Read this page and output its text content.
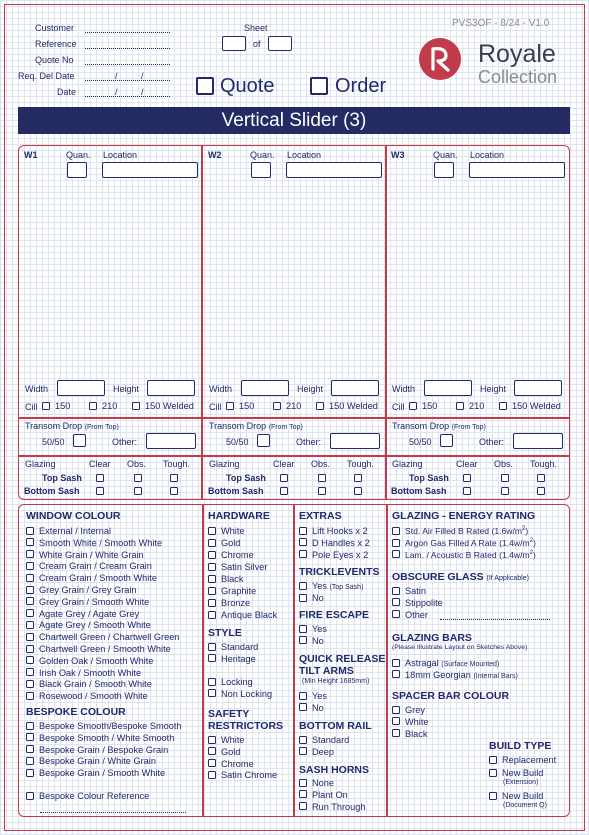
Customer
Reference
Quote No
Req. Del Date	/	/
Date	/	/
Sheet
of
Quote	Order
PVS3OF - 8/24 - V1.0
Royale
Collection
Vertical Slider (3)
W1	Quan. Location
Width	Height
Cill	150	210	150 Welded
Transom Drop (From Top)
50/50	Other:
Glazing	Clear Obs. Tough.
Top Sash
Bottom Sash
W2	Quan. Location
Width	Height
Cill	150	210	150 Welded
Transom Drop (From Top)
50/50	Other:
Glazing	Clear Obs. Tough.
Top Sash
Bottom Sash
W3	Quan. Location
Width	Height
Cill	150	210	150 Welded
Transom Drop (From Top)
50/50	Other:
Glazing	Clear Obs. Tough.
Top Sash
Bottom Sash
WINDOW COLOUR
External / Internal
Smooth White / Smooth White
White Grain / White Grain
Cream Grain / Cream Grain
Cream Grain / Smooth White
Grey Grain / Grey Grain
Grey Grain / Smooth White
Agate Grey / Agate Grey
Agate Grey / Smooth White
Chartwell Green / Chartwell Green
Chartwell Green / Smooth White
Golden Oak / Smooth White
Irish Oak / Smooth White
Black Grain / Smooth White
Rosewood / Smooth White
BESPOKE COLOUR
Bespoke Smooth/Bespoke Smooth
Bespoke Smooth / White Smooth
Bespoke Grain / Bespoke Grain
Bespoke Grain / White Grain
Bespoke Grain / Smooth White
Bespoke Colour Reference
HARDWARE
White
Gold
Chrome
Satin Silver
Black
Graphite
Bronze
Antique Black
STYLE
Standard
Heritage
Locking
Non Locking
SAFETY
RESTRICTORS
White
Gold
Chrome
Satin Chrome
EXTRAS
Lift Hooks x 2
D Handles x 2
Pole Eyes x 2
TRICKLEVENTS
Yes (Top Sash)
No
FIRE ESCAPE
Yes
No
QUICK RELEASE
TILT ARMS
(Min Height 1685mm)
Yes
No
BOTTOM RAIL
Standard
Deep
SASH HORNS
None
Plant On
Run Through
GLAZING - ENERGY RATING
Std. Air Filled B Rated $(1.6w/m^2)$
Argon Gas Filled A Rate $(1.4w/m^2)$
Lam. / Acoustic B Rated $(1.4w/m^2)$
OBSCURE GLASS (If Applicable)
Satin
Stippolite
Other
GLAZING BARS
(Please Illustrate Layout on Sketches Above)
Astragal (Surface Mounted)
18mm Georgian (Internal Bars)
SPACER BAR COLOUR
Grey
White
Black
BUILD TYPE
Replacement
New Build
(Extension)
New Build
(Document Q)
